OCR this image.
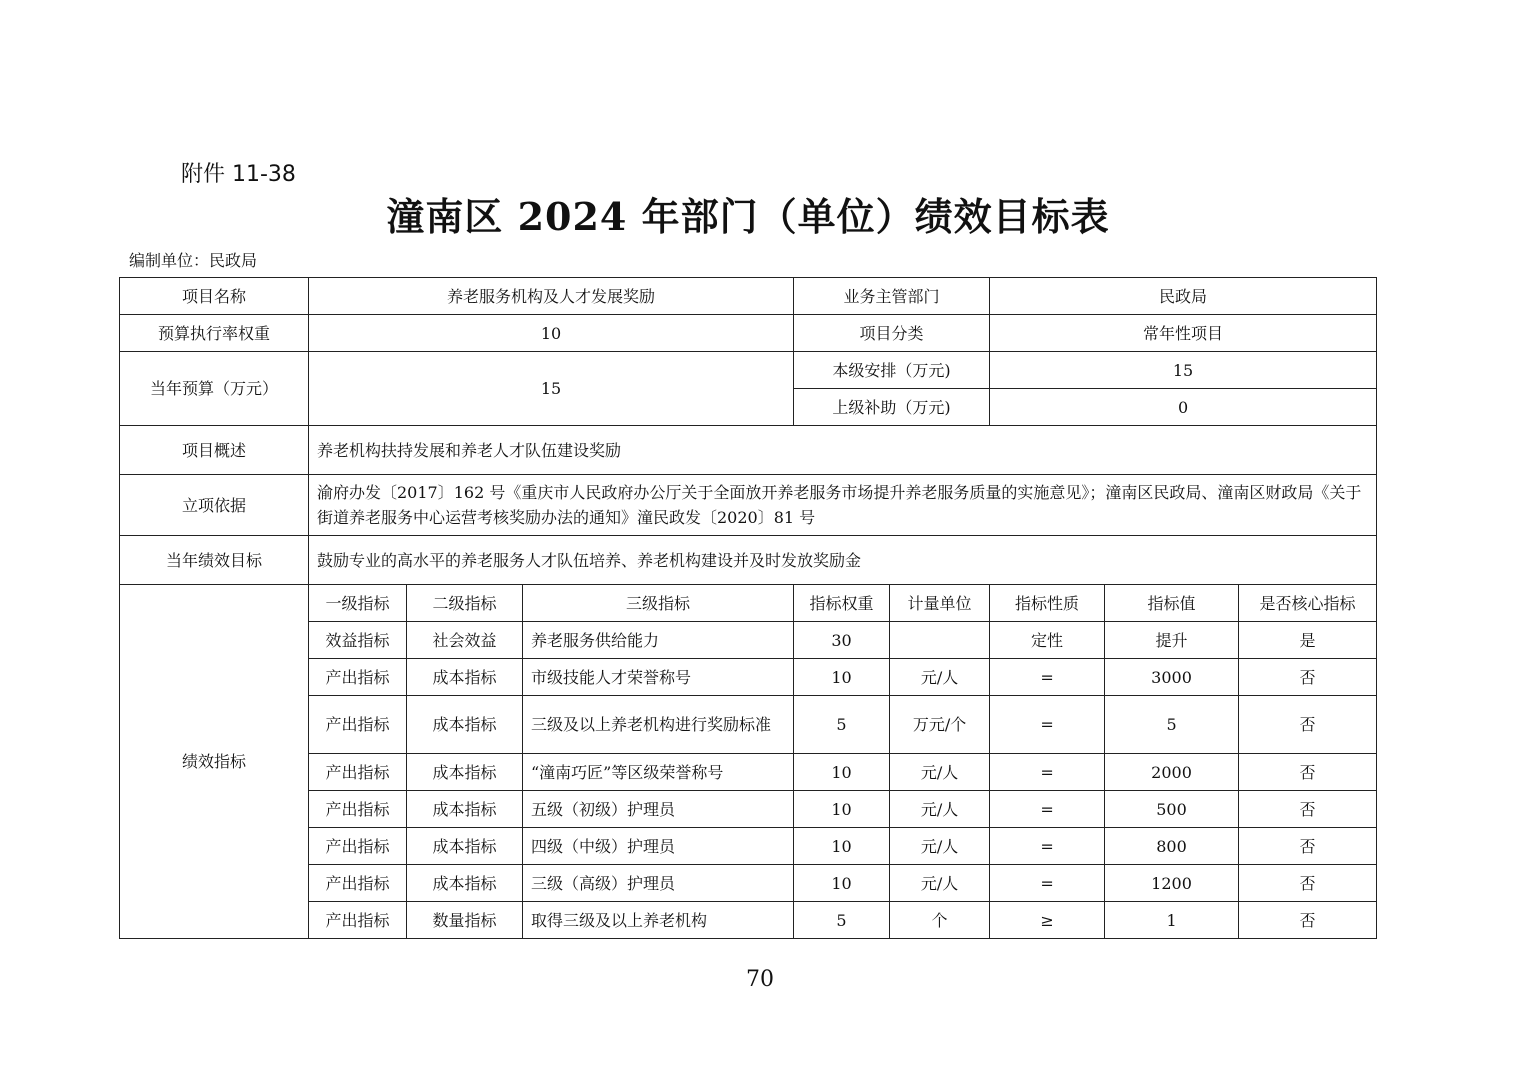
附件 11-38
潼南区 2024 年部门（单位）绩效目标表
编制单位：民政局
项目名称	养老服务机构及人才发展奖励			业务主管部门		民政局		
预算执行率权重	10			项目分类		常年性项目		
当年预算（万元）	15			本级安排（万元)		15		
				上级补助（万元)		0		
项目概述	养老机构扶持发展和养老人才队伍建设奖励							
立项依据	渝府办发〔2017〕162 号《重庆市人民政府办公厅关于全面放开养老服务市场提升养老服务质量的实施意见》；潼南区民政局、潼南区财政局《关于街道养老服务中心运营考核奖励办法的通知》潼民政发〔2020〕81 号							
当年绩效目标	鼓励专业的高水平的养老服务人才队伍培养、养老机构建设并及时发放奖励金							
绩效指标	一级指标	二级指标	三级指标	指标权重	计量单位	指标性质	指标值	是否核心指标
	效益指标	社会效益	养老服务供给能力	30		定性	提升	是
	产出指标	成本指标	市级技能人才荣誉称号	10	元/人	=	3000	否
	产出指标	成本指标	三级及以上养老机构进行奖励标准	5	万元/个	=	5	否
	产出指标	成本指标	“潼南巧匠”等区级荣誉称号	10	元/人	=	2000	否
	产出指标	成本指标	五级（初级）护理员	10	元/人	=	500	否
	产出指标	成本指标	四级（中级）护理员	10	元/人	=	800	否
	产出指标	成本指标	三级（高级）护理员	10	元/人	=	1200	否
	产出指标	数量指标	取得三级及以上养老机构	5	个	≥	1	否
70
